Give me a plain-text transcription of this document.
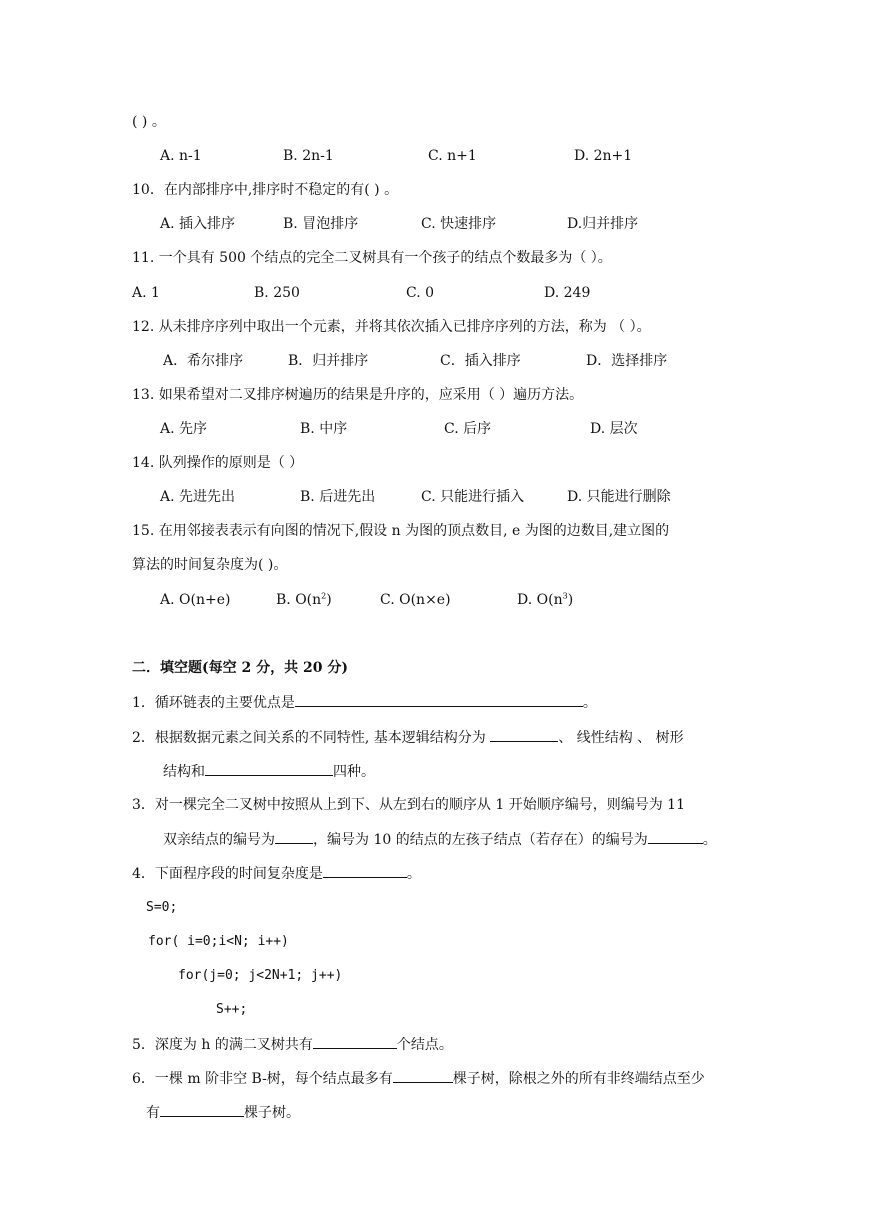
( ) 。
A. n-1	B. 2n-1	C. n+1	D. 2n+1
10．在内部排序中,排序时不稳定的有( ) 。
A. 插入排序	B. 冒泡排序	C. 快速排序	D.归并排序
11. 一个具有 500 个结点的完全二叉树具有一个孩子的结点个数最多为（ ）。
A. 1	B. 250	C. 0	D. 249
12. 从未排序序列中取出一个元素，并将其依次插入已排序序列的方法，称为 （ ）。
A．希尔排序	B．归并排序	C．插入排序	D．选择排序
13. 如果希望对二叉排序树遍历的结果是升序的，应采用（ ）遍历方法。
A. 先序	B. 中序	C. 后序	D. 层次
14. 队列操作的原则是（ ）
A. 先进先出	B. 后进先出	C. 只能进行插入	D. 只能进行删除
15. 在用邻接表表示有向图的情况下,假设 n 为图的顶点数目, e 为图的边数目,建立图的
算法的时间复杂度为( )。
A. O(n+e)	B. $O(n^2)$	C. O(n×e)	D. $O(n^3)$
二．填空题(每空 2 分，共 20 分)
1．循环链表的主要优点是	。
2．根据数据元素之间关系的不同特性, 基本逻辑结构分为	、 线性结构 、 树形
结构和	四种。
3．对一棵完全二叉树中按照从上到下、从左到右的顺序从 1 开始顺序编号，则编号为 11
双亲结点的编号为	，编号为 10 的结点的左孩子结点（若存在）的编号为	。
4．下面程序段的时间复杂度是	。
S=0;
for( i=0;i<N; i++)
for(j=0; j<2N+1; j++)
S++;
5．深度为 h 的满二叉树共有	个结点。
6．一棵 m 阶非空 B-树，每个结点最多有	棵子树，除根之外的所有非终端结点至少
有	棵子树。
